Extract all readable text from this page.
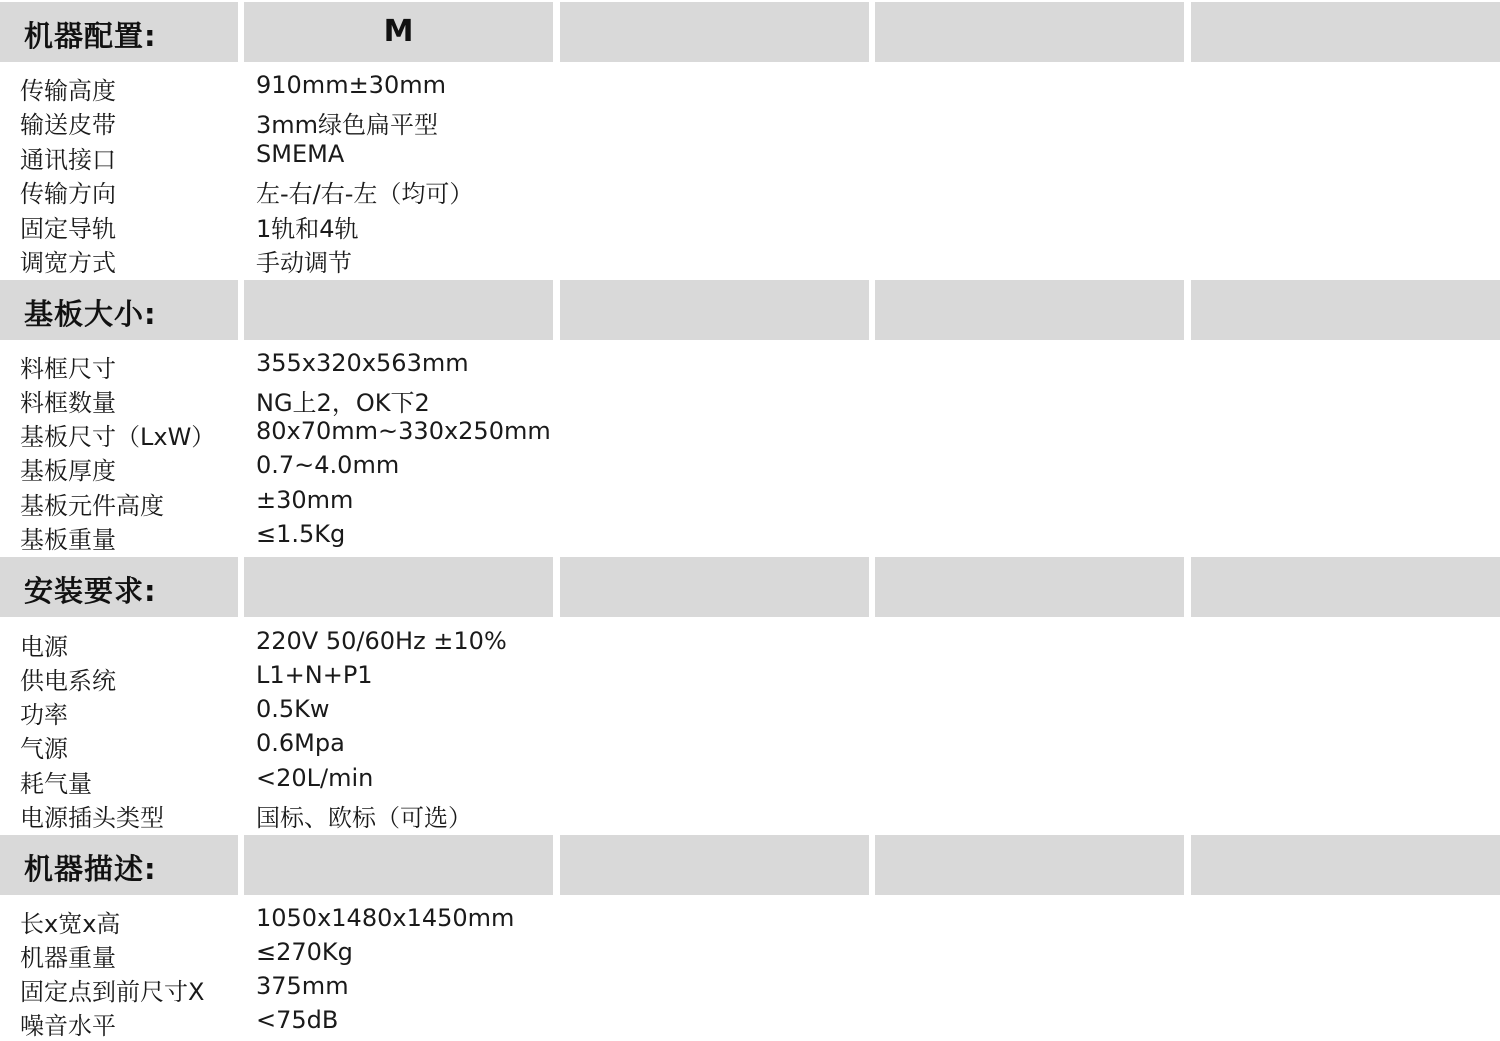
机器配置:	M
传输高度	910mm±30mm
输送皮带	3mm绿色扁平型
通讯接口	SMEMA
传输方向	左-右/右-左（均可）
固定导轨	1轨和4轨
调宽方式	手动调节
基板大小:
料框尺寸	355x320x563mm
料框数量	NG上2，OK下2
基板尺寸（LxW） 80x70mm~330x250mm
基板厚度	0.7~4.0mm
基板元件高度	±30mm
基板重量	≤1.5Kg
安装要求:
电源	220V 50/60Hz ±10%
供电系统	L1+N+P1
功率	0.5Kw
气源	0.6Mpa
耗气量	<20L/min
电源插头类型	国标、欧标（可选）
机器描述:
长x宽x高	1050x1480x1450mm
机器重量	≤270Kg
固定点到前尺寸X 375mm
噪音水平	<75dB
